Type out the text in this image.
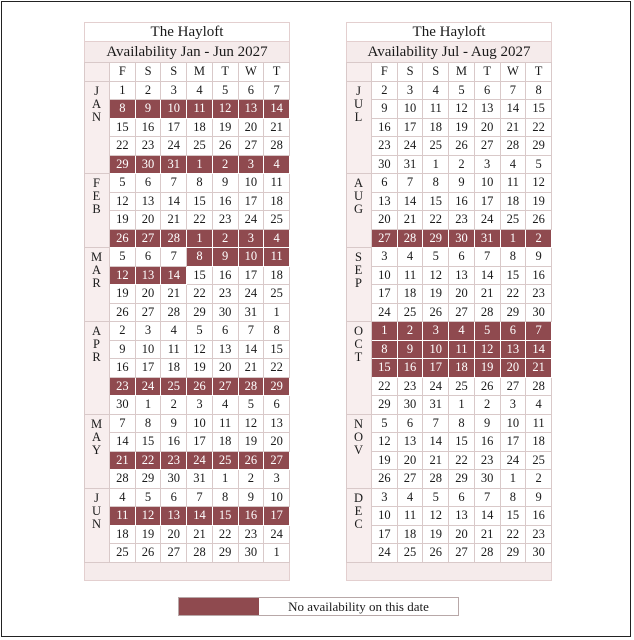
The Hayloft
Availability Jan - Jun 2027
	F	S	S	M	T	W	T

J
A
N	1	2	3	4	5	6	7
	8	9	10	11	12	13	14
	15	16	17	18	19	20	21
	22	23	24	25	26	27	28
	29	30	31	1	2	3	4

F
E
B	5	6	7	8	9	10	11
	12	13	14	15	16	17	18
	19	20	21	22	23	24	25
	26	27	28	1	2	3	4

M
A
R	5	6	7	8	9	10	11
	12	13	14	15	16	17	18
	19	20	21	22	23	24	25
	26	27	28	29	30	31	1

A
P
R	2	3	4	5	6	7	8
	9	10	11	12	13	14	15
	16	17	18	19	20	21	22
	23	24	25	26	27	28	29
	30	1	2	3	4	5	6

M
A
Y	7	8	9	10	11	12	13
	14	15	16	17	18	19	20
	21	22	23	24	25	26	27
	28	29	30	31	1	2	3

J
U
N	4	5	6	7	8	9	10
	11	12	13	14	15	16	17
	18	19	20	21	22	23	24
	25	26	27	28	29	30	1
The Hayloft
Availability Jul - Aug 2027
	F	S	S	M	T	W	T

J
U
L	2	3	4	5	6	7	8
	9	10	11	12	13	14	15
	16	17	18	19	20	21	22
	23	24	25	26	27	28	29
	30	31	1	2	3	4	5

A
U
G	6	7	8	9	10	11	12
	13	14	15	16	17	18	19
	20	21	22	23	24	25	26
	27	28	29	30	31	1	2

S
E
P	3	4	5	6	7	8	9
	10	11	12	13	14	15	16
	17	18	19	20	21	22	23
	24	25	26	27	28	29	30

O
C
T	1	2	3	4	5	6	7
	8	9	10	11	12	13	14
	15	16	17	18	19	20	21
	22	23	24	25	26	27	28
	29	30	31	1	2	3	4

N
O
V	5	6	7	8	9	10	11
	12	13	14	15	16	17	18
	19	20	21	22	23	24	25
	26	27	28	29	30	1	2

D
E
C	3	4	5	6	7	8	9
	10	11	12	13	14	15	16
	17	18	19	20	21	22	23
	24	25	26	27	28	29	30
No availability on this date
